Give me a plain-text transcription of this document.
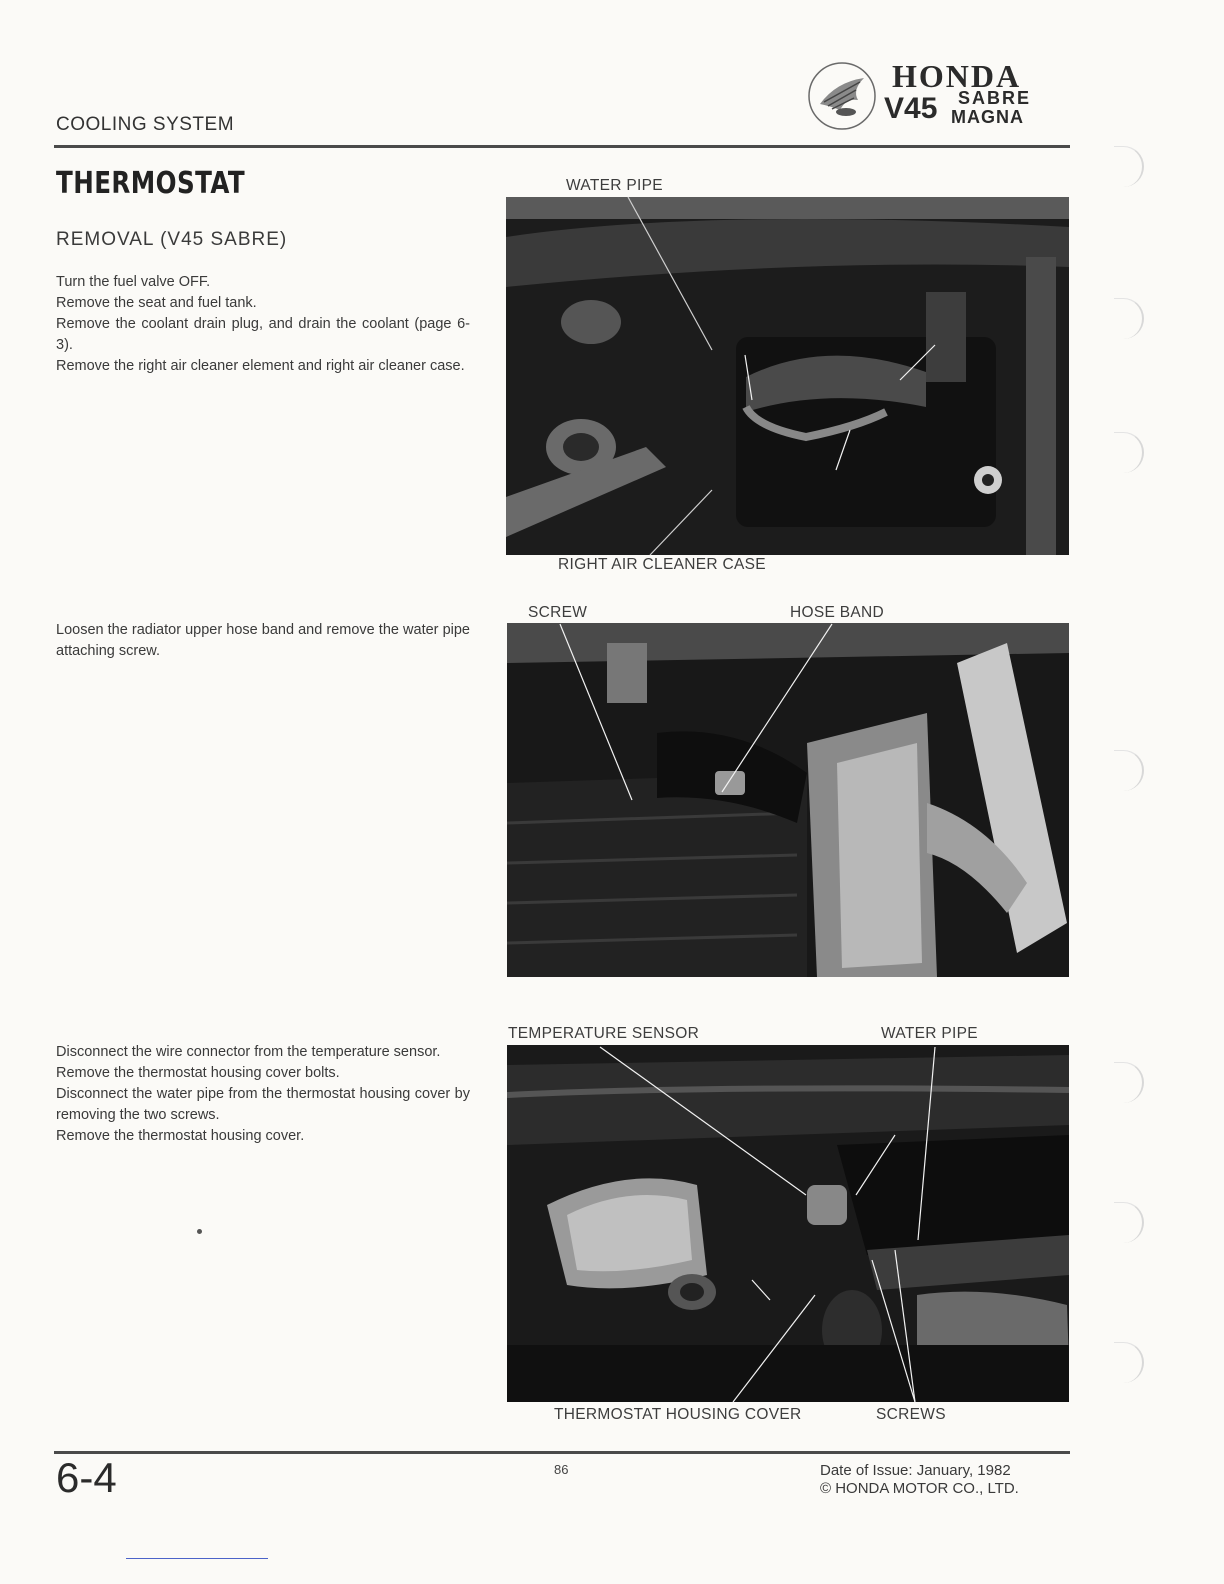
COOLING SYSTEM
HONDA
V45 SABRE
MAGNA
THERMOSTAT
REMOVAL (V45 SABRE)

Turn the fuel valve OFF.

Remove the seat and fuel tank.

Remove the coolant drain plug, and drain the coolant (page 6-3).

Remove the right air cleaner element and right air cleaner case.

Loosen the radiator upper hose band and remove the water pipe attaching screw.

Disconnect the wire connector from the temperature sensor.

Remove the thermostat housing cover bolts.

Disconnect the water pipe from the thermostat housing cover by removing the two screws.

Remove the thermostat housing cover.

WATER PIPE
RIGHT AIR CLEANER CASE
SCREW	HOSE BAND
TEMPERATURE SENSOR	WATER PIPE
THERMOSTAT HOUSING COVER	SCREWS
6-4	86	Date of Issue: January, 1982
© HONDA MOTOR CO., LTD.
